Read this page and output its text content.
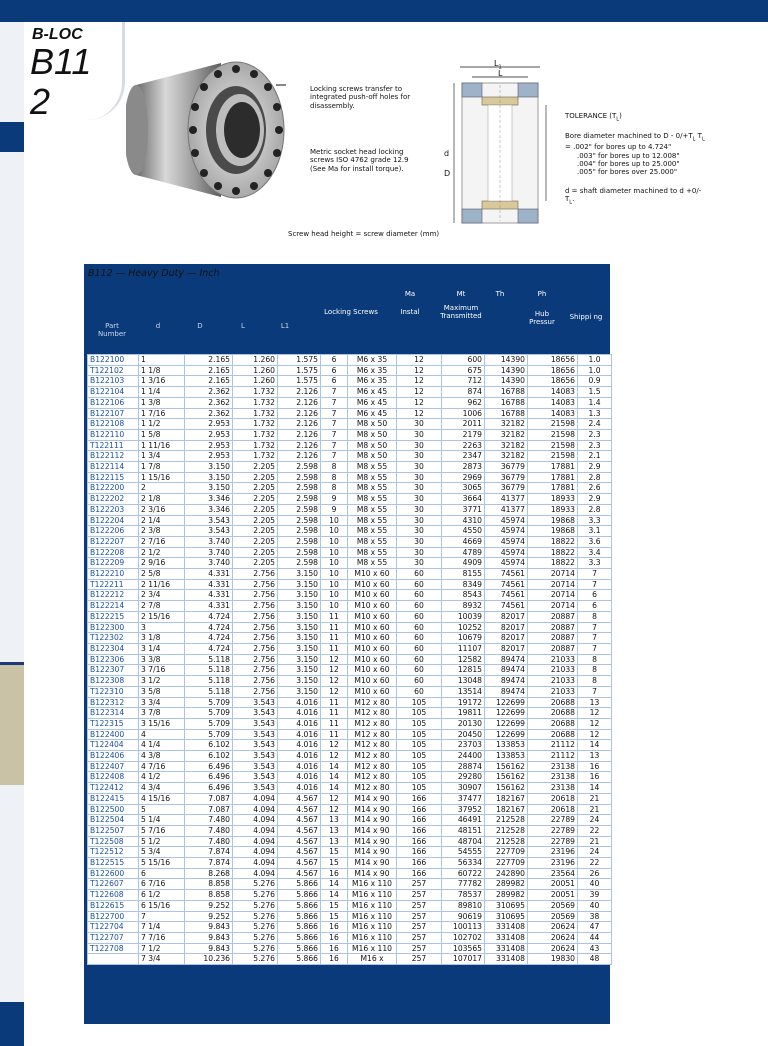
B-LOC
B11
2	Locking screws transfer to integrated push-off holes for disassembly.
Metric socket head locking screws ISO 4762 grade 12.9 (See Ma for install torque).
Screw head height = screw diameter (mm)
$L_1$
L
d
D
TOLERANCE $(T_L)$
Bore diameter machined to $D - 0/+T_L$ $T_L = .002$" for bores up to 4.724"
.003" for bores up to 12.008"
.004" for bores up to 25.000"
.005" for bores over 25.000"
d = shaft diameter machined to $d +0/-T_L$.
B112 — Heavy Duty — Inch
Part Number
d	D	L	L1
Locking Screws
Ma
Instal
Mt
Maximum Transmitted
Th	Ph
Hub Pressur
Shippi ng
B122100	1	2.165	1.260	1.575	6	M6 x 35	12	600	14390	18656	1.0
T122102	1 1/8	2.165	1.260	1.575	6	M6 x 35	12	675	14390	18656	1.0
B122103	1 3/16	2.165	1.260	1.575	6	M6 x 35	12	712	14390	18656	0.9
B122104	1 1/4	2.362	1.732	2.126	7	M6 x 45	12	874	16788	14083	1.5
B122106	1 3/8	2.362	1.732	2.126	7	M6 x 45	12	962	16788	14083	1.4
B122107	1 7/16	2.362	1.732	2.126	7	M6 x 45	12	1006	16788	14083	1.3
B122108	1 1/2	2.953	1.732	2.126	7	M8 x 50	30	2011	32182	21598	2.4
B122110	1 5/8	2.953	1.732	2.126	7	M8 x 50	30	2179	32182	21598	2.3
T122111	1 11/16	2.953	1.732	2.126	7	M8 x 50	30	2263	32182	21598	2.3
B122112	1 3/4	2.953	1.732	2.126	7	M8 x 50	30	2347	32182	21598	2.1
B122114	1 7/8	3.150	2.205	2.598	8	M8 x 55	30	2873	36779	17881	2.9
B122115	1 15/16	3.150	2.205	2.598	8	M8 x 55	30	2969	36779	17881	2.8
B122200	2	3.150	2.205	2.598	8	M8 x 55	30	3065	36779	17881	2.6
B122202	2 1/8	3.346	2.205	2.598	9	M8 x 55	30	3664	41377	18933	2.9
B122203	2 3/16	3.346	2.205	2.598	9	M8 x 55	30	3771	41377	18933	2.8
B122204	2 1/4	3.543	2.205	2.598	10	M8 x 55	30	4310	45974	19868	3.3
B122206	2 3/8	3.543	2.205	2.598	10	M8 x 55	30	4550	45974	19868	3.1
B122207	2 7/16	3.740	2.205	2.598	10	M8 x 55	30	4669	45974	18822	3.6
B122208	2 1/2	3.740	2.205	2.598	10	M8 x 55	30	4789	45974	18822	3.4
B122209	2 9/16	3.740	2.205	2.598	10	M8 x 55	30	4909	45974	18822	3.3
B122210	2 5/8	4.331	2.756	3.150	10	M10 x 60	60	8155	74561	20714	7
T122211	2 11/16	4.331	2.756	3.150	10	M10 x 60	60	8349	74561	20714	7
B122212	2 3/4	4.331	2.756	3.150	10	M10 x 60	60	8543	74561	20714	6
B122214	2 7/8	4.331	2.756	3.150	10	M10 x 60	60	8932	74561	20714	6
B122215	2 15/16	4.724	2.756	3.150	11	M10 x 60	60	10039	82017	20887	8
B122300	3	4.724	2.756	3.150	11	M10 x 60	60	10252	82017	20887	7
T122302	3 1/8	4.724	2.756	3.150	11	M10 x 60	60	10679	82017	20887	7
B122304	3 1/4	4.724	2.756	3.150	11	M10 x 60	60	11107	82017	20887	7
B122306	3 3/8	5.118	2.756	3.150	12	M10 x 60	60	12582	89474	21033	8
B122307	3 7/16	5.118	2.756	3.150	12	M10 x 60	60	12815	89474	21033	8
B122308	3 1/2	5.118	2.756	3.150	12	M10 x 60	60	13048	89474	21033	8
T122310	3 5/8	5.118	2.756	3.150	12	M10 x 60	60	13514	89474	21033	7
B122312	3 3/4	5.709	3.543	4.016	11	M12 x 80	105	19172	122699	20688	13
B122314	3 7/8	5.709	3.543	4.016	11	M12 x 80	105	19811	122699	20688	12
T122315	3 15/16	5.709	3.543	4.016	11	M12 x 80	105	20130	122699	20688	12
B122400	4	5.709	3.543	4.016	11	M12 x 80	105	20450	122699	20688	12
T122404	4 1/4	6.102	3.543	4.016	12	M12 x 80	105	23703	133853	21112	14
B122406	4 3/8	6.102	3.543	4.016	12	M12 x 80	105	24400	133853	21112	13
B122407	4 7/16	6.496	3.543	4.016	14	M12 x 80	105	28874	156162	23138	16
B122408	4 1/2	6.496	3.543	4.016	14	M12 x 80	105	29280	156162	23138	16
T122412	4 3/4	6.496	3.543	4.016	14	M12 x 80	105	30907	156162	23138	14
B122415	4 15/16	7.087	4.094	4.567	12	M14 x 90	166	37477	182167	20618	21
B122500	5	7.087	4.094	4.567	12	M14 x 90	166	37952	182167	20618	21
B122504	5 1/4	7.480	4.094	4.567	13	M14 x 90	166	46491	212528	22789	24
B122507	5 7/16	7.480	4.094	4.567	13	M14 x 90	166	48151	212528	22789	22
T122508	5 1/2	7.480	4.094	4.567	13	M14 x 90	166	48704	212528	22789	21
T122512	5 3/4	7.874	4.094	4.567	15	M14 x 90	166	54555	227709	23196	24
B122515	5 15/16	7.874	4.094	4.567	15	M14 x 90	166	56334	227709	23196	22
B122600	6	8.268	4.094	4.567	16	M14 x 90	166	60722	242890	23564	26
T122607	6 7/16	8.858	5.276	5.866	14	M16 x 110	257	77782	289982	20051	40
T122608	6 1/2	8.858	5.276	5.866	14	M16 x 110	257	78537	289982	20051	39
B122615	6 15/16	9.252	5.276	5.866	15	M16 x 110	257	89810	310695	20569	40
B122700	7	9.252	5.276	5.866	15	M16 x 110	257	90619	310695	20569	38
T122704	7 1/4	9.843	5.276	5.866	16	M16 x 110	257	100113	331408	20624	47
T122707	7 7/16	9.843	5.276	5.866	16	M16 x 110	257	102702	331408	20624	44
T122708	7 1/2	9.843	5.276	5.866	16	M16 x 110	257	103565	331408	20624	43
	7 3/4	10.236	5.276	5.866	16	M16 x	257	107017	331408	19830	48
